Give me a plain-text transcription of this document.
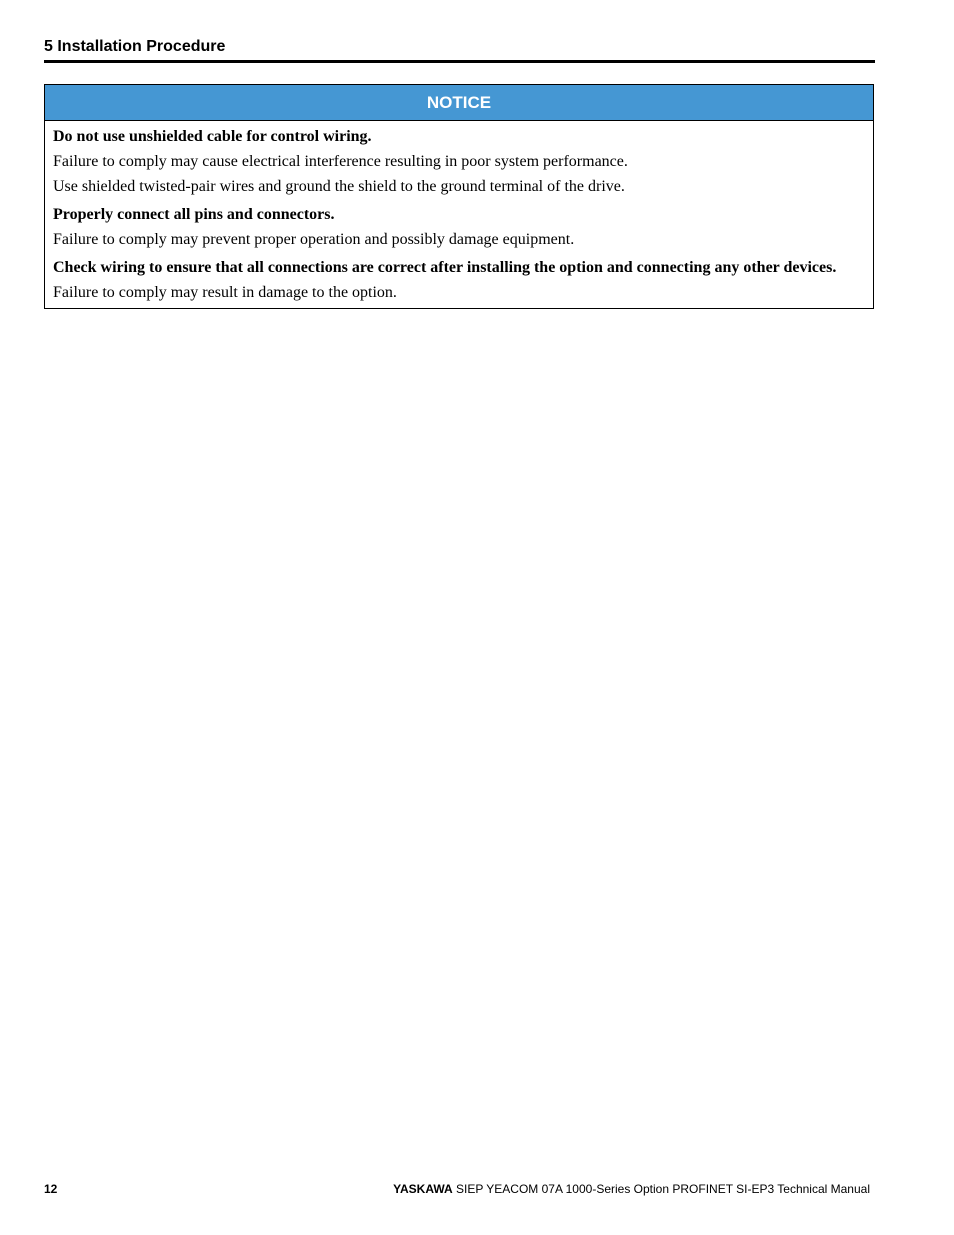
5 Installation Procedure
NOTICE
Do not use unshielded cable for control wiring.
Failure to comply may cause electrical interference resulting in poor system performance.
Use shielded twisted-pair wires and ground the shield to the ground terminal of the drive.
Properly connect all pins and connectors.
Failure to comply may prevent proper operation and possibly damage equipment.
Check wiring to ensure that all connections are correct after installing the option and connecting any other devices.
Failure to comply may result in damage to the option.
12	YASKAWA SIEP YEACOM 07A 1000-Series Option PROFINET SI-EP3 Technical Manual
